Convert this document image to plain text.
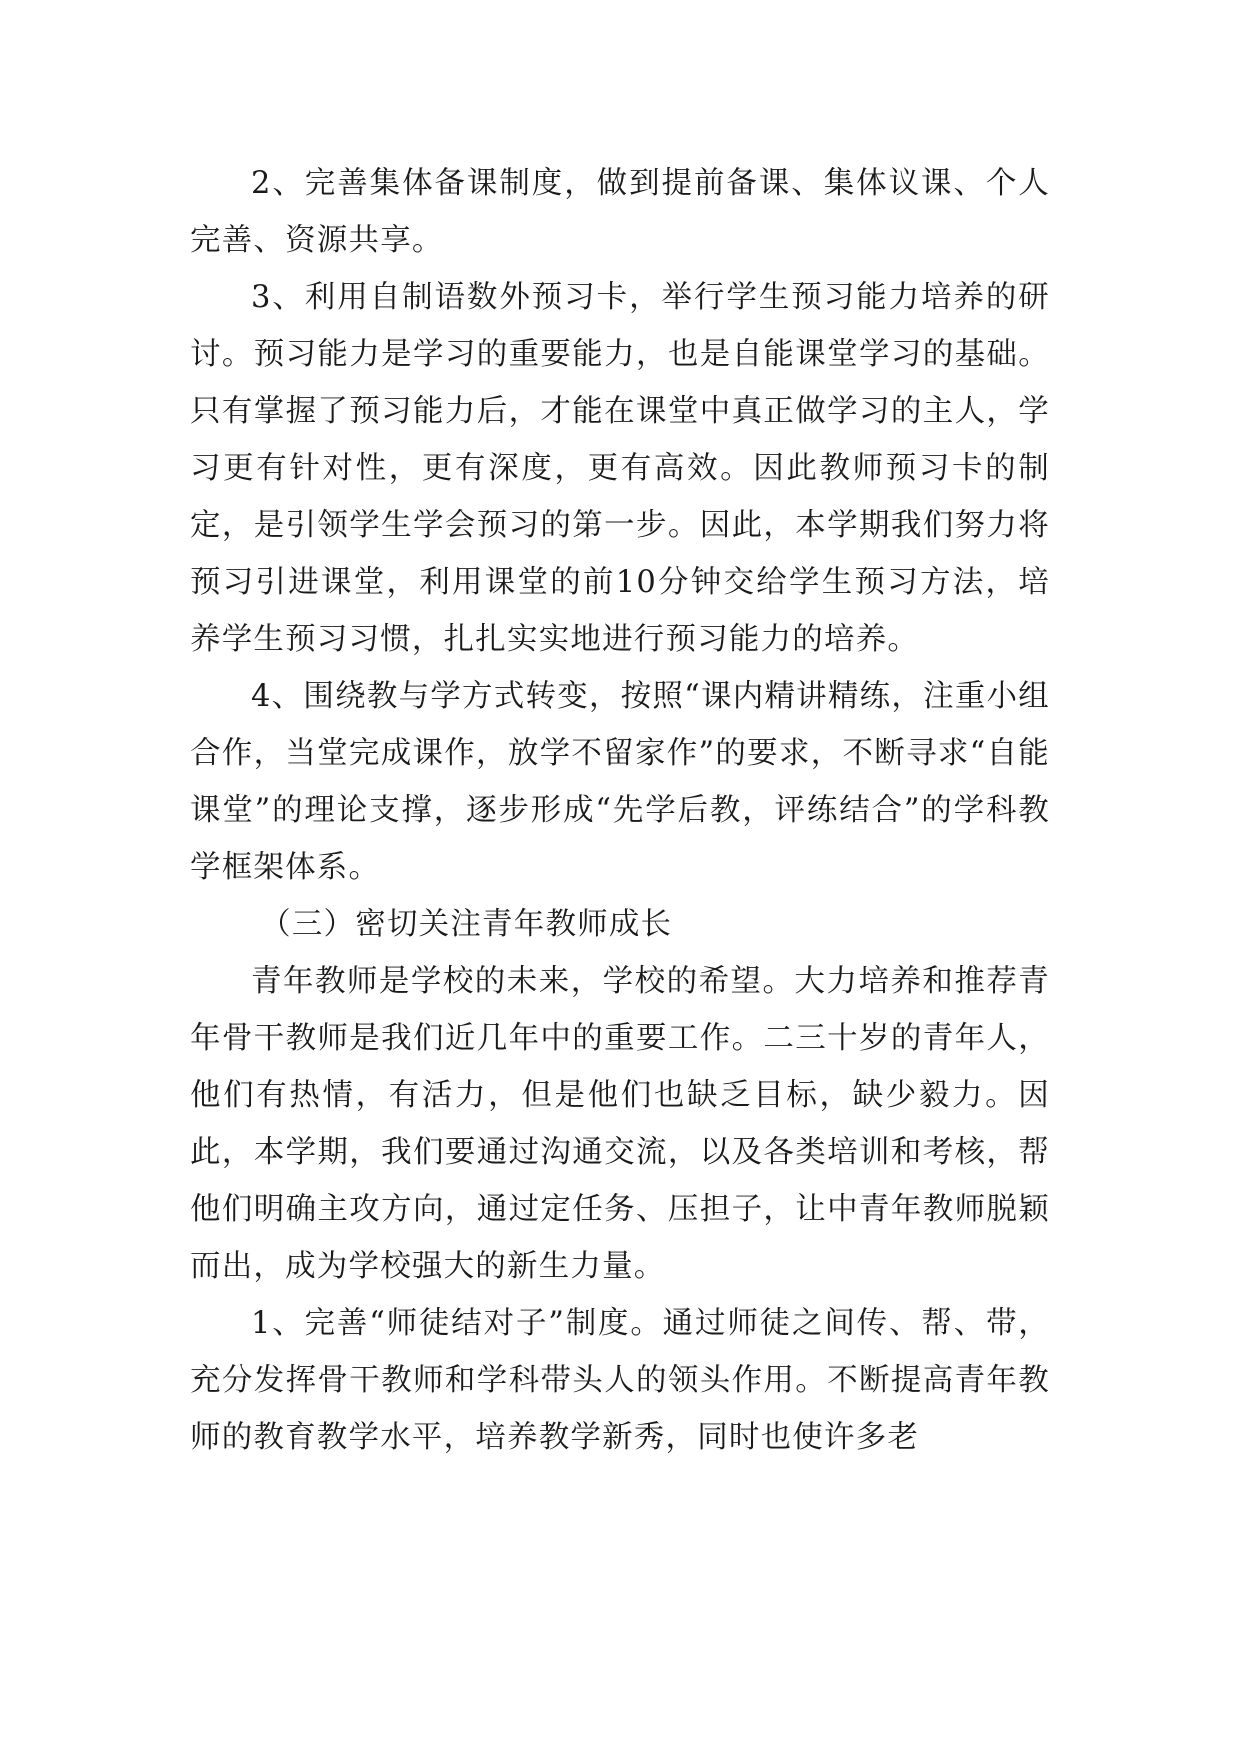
2、完善集体备课制度，做到提前备课、集体议课、个人完善、资源共享。

3、利用自制语数外预习卡，举行学生预习能力培养的研讨。预习能力是学习的重要能力，也是自能课堂学习的基础。只有掌握了预习能力后，才能在课堂中真正做学习的主人，学习更有针对性，更有深度，更有高效。因此教师预习卡的制定，是引领学生学会预习的第一步。因此，本学期我们努力将预习引进课堂，利用课堂的前10分钟交给学生预习方法，培养学生预习习惯，扎扎实实地进行预习能力的培养。

4、围绕教与学方式转变，按照“课内精讲精练，注重小组合作，当堂完成课作，放学不留家作”的要求，不断寻求“自能课堂”的理论支撑，逐步形成“先学后教，评练结合”的学科教学框架体系。

（三）密切关注青年教师成长

青年教师是学校的未来，学校的希望。大力培养和推荐青年骨干教师是我们近几年中的重要工作。二三十岁的青年人，他们有热情，有活力，但是他们也缺乏目标，缺少毅力。因此，本学期，我们要通过沟通交流，以及各类培训和考核，帮他们明确主攻方向，通过定任务、压担子，让中青年教师脱颖而出，成为学校强大的新生力量。

1、完善“师徒结对子”制度。通过师徒之间传、帮、带，充分发挥骨干教师和学科带头人的领头作用。不断提高青年教师的教育教学水平，培养教学新秀，同时也使许多老
